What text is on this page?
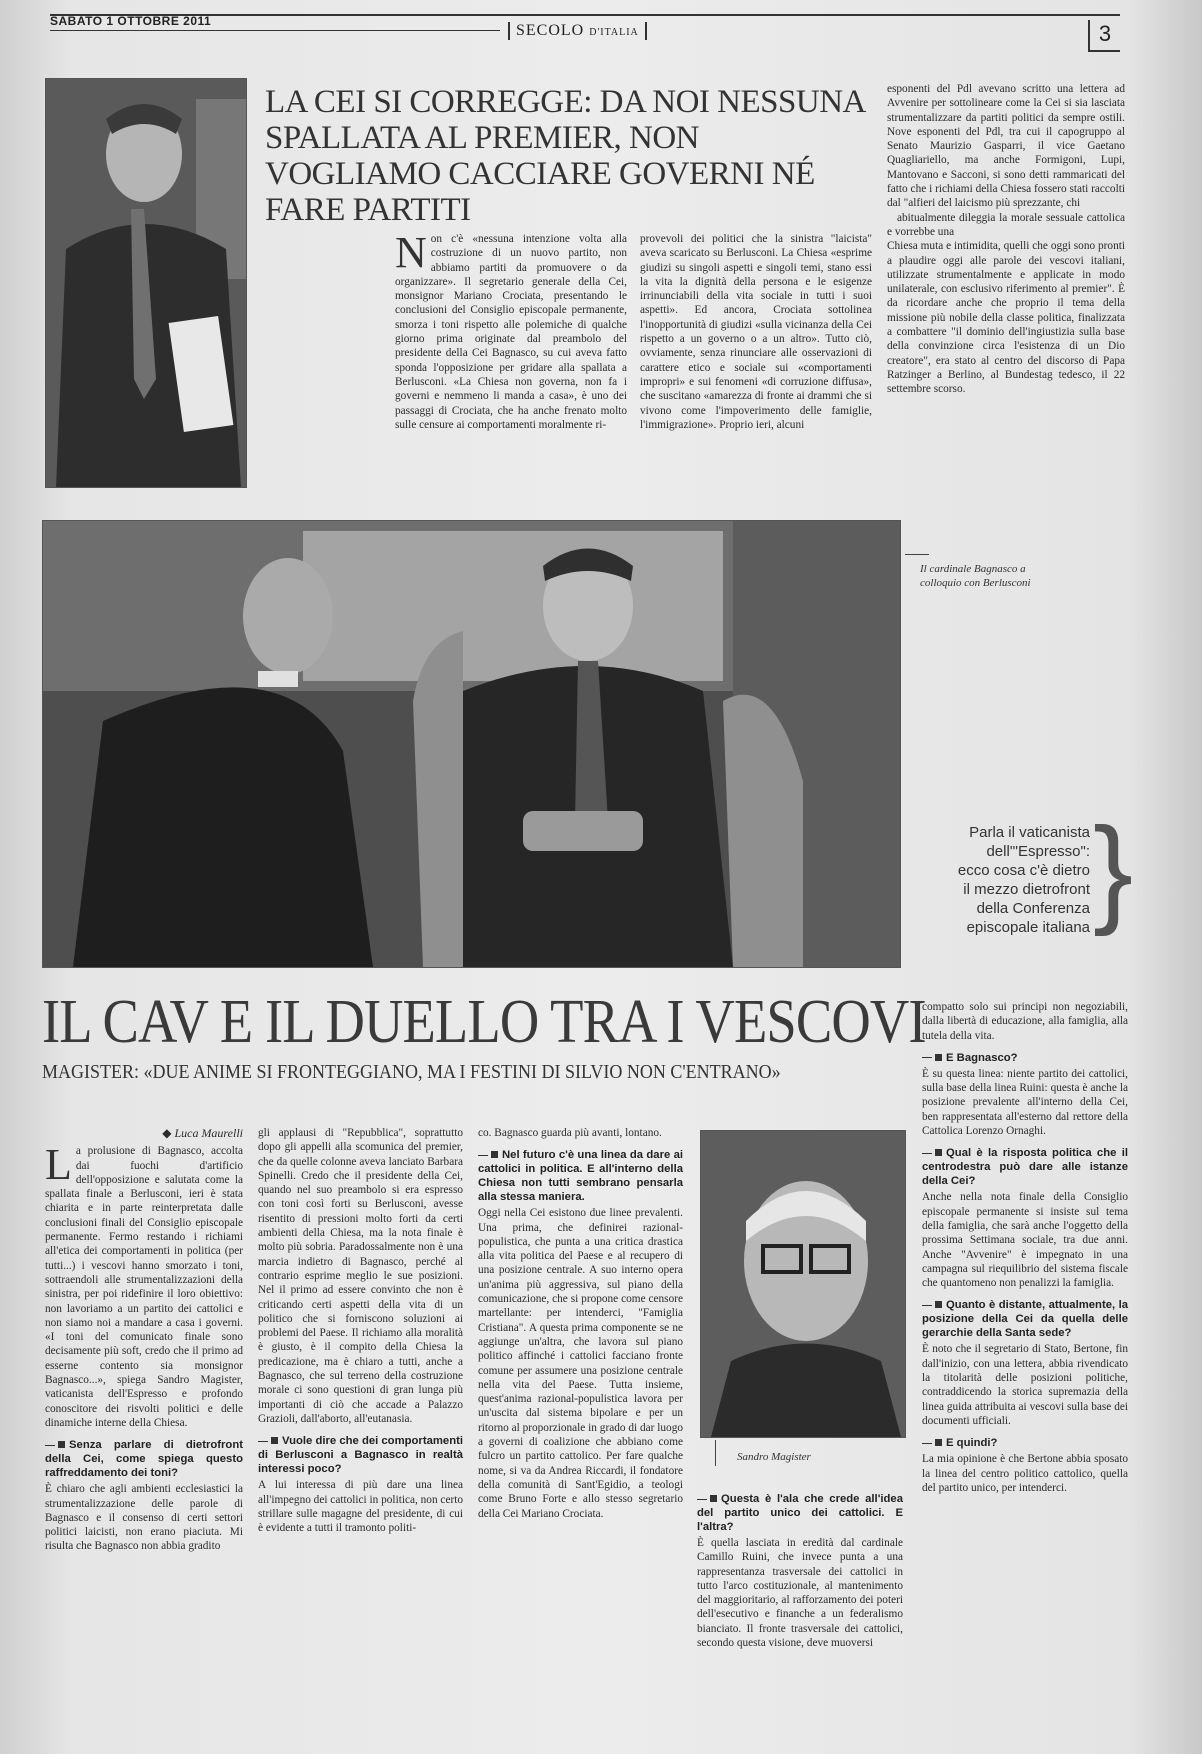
SABATO 1 OTTOBRE 2011
SECOLO D'ITALIA	3
LA CEI SI CORREGGE: DA NOI NESSUNA SPALLATA AL PREMIER, NON VOGLIAMO CACCIARE GOVERNI NÉ FARE PARTITI
Non c'è «nessuna intenzione volta alla costruzione di un nuovo partito, non abbiamo partiti da promuovere o da organizzare». Il segretario generale della Cei, monsignor Mariano Crociata, presentando le conclusioni del Consiglio episcopale permanente, smorza i toni rispetto alle polemiche di qualche giorno prima originate dal preambolo del presidente della Cei Bagnasco, su cui aveva fatto sponda l'opposizione per gridare alla spallata a Berlusconi. «La Chiesa non governa, non fa i governi e nemmeno li manda a casa», è uno dei passaggi di Crociata, che ha anche frenato molto sulle censure ai comportamenti moralmente ri-

provevoli dei politici che la sinistra "laicista" aveva scaricato su Berlusconi. La Chiesa «esprime giudizi su singoli aspetti e singoli temi, stano essi la vita la dignità della persona e le esigenze irrinunciabili della vita sociale in tutti i suoi aspetti». Ed ancora, Crociata sottolinea l'inopportunità di giudizi «sulla vicinanza della Cei rispetto a un governo o a un altro». Tutto ciò, ovviamente, senza rinunciare alle osservazioni di carattere etico e sociale sui «comportamenti impropri» e sui fenomeni «di corruzione diffusa», che suscitano «amarezza di fronte ai drammi che si vivono come l'impoverimento delle famiglie, l'immigrazione». Proprio ieri, alcuni

esponenti del Pdl avevano scritto una lettera ad Avvenire per sottolineare come la Cei si sia lasciata strumentalizzare da partiti politici da sempre ostili. Nove esponenti del Pdl, tra cui il capogruppo al Senato Maurizio Gasparri, il vice Gaetano Quagliariello, ma anche Formigoni, Lupi, Mantovano e Sacconi, si sono detti rammaricati del fatto che i richiami della Chiesa fossero stati raccolti dal "alfieri del laicismo più sprezzante, chi

abitualmente dileggia la morale sessuale cattolica e vorrebbe una

Chiesa muta e intimidita, quelli che oggi sono pronti a plaudire oggi alle parole dei vescovi italiani, utilizzate strumentalmente e applicate in modo unilaterale, con esclusivo riferimento al premier". È da ricordare anche che proprio il tema della missione più nobile della classe politica, finalizzata a combattere "il dominio dell'ingiustizia sulla base della convinzione circa l'esistenza di un Dio creatore", era stato al centro del discorso di Papa Ratzinger a Berlino, al Bundestag tedesco, il 22 settembre scorso.

Il cardinale Bagnasco a colloquio con Berlusconi
Parla il vaticanista
dell'"Espresso":
ecco cosa c'è dietro
il mezzo dietrofront
della Conferenza
episcopale italiana }
IL CAV E IL DUELLO TRA I VESCOVI
MAGISTER: «DUE ANIME SI FRONTEGGIANO, MA I FESTINI DI SILVIO NON C'ENTRANO»
◆ Luca Maurelli
La prolusione di Bagnasco, accolta dai fuochi d'artificio dell'opposizione e salutata come la spallata finale a Berlusconi, ieri è stata chiarita e in parte reinterpretata dalle conclusioni finali del Consiglio episcopale permanente. Fermo restando i richiami all'etica dei comportamenti in politica (per tutti...) i vescovi hanno smorzato i toni, sottraendoli alle strumentalizzazioni della sinistra, per poi ridefinire il loro obiettivo: non lavoriamo a un partito dei cattolici e non siamo noi a mandare a casa i governi. «I toni del comunicato finale sono decisamente più soft, credo che il primo ad esserne contento sia monsignor Bagnasco...», spiega Sandro Magister, vaticanista dell'Espresso e profondo conoscitore dei risvolti politici e delle dinamiche interne della Chiesa.
Senza parlare di dietrofront della Cei, come spiega questo raffreddamento dei toni?

È chiaro che agli ambienti ecclesiastici la strumentalizzazione delle parole di Bagnasco e il consenso di certi settori politici laicisti, non erano piaciuta. Mi risulta che Bagnasco non abbia gradito

gli applausi di "Repubblica", soprattutto dopo gli appelli alla scomunica del premier, che da quelle colonne aveva lanciato Barbara Spinelli. Credo che il presidente della Cei, quando nel suo preambolo si era espresso con toni così forti su Berlusconi, avesse risentito di pressioni molto forti da certi ambienti della Chiesa, ma la nota finale è molto più sobria. Paradossalmente non è una marcia indietro di Bagnasco, perché al contrario esprime meglio le sue posizioni. Nel il primo ad essere convinto che non è criticando certi aspetti della vita di un politico che si forniscono soluzioni ai problemi del Paese. Il richiamo alla moralità è giusto, è il compito della Chiesa la predicazione, ma è chiaro a tutti, anche a Bagnasco, che sul terreno della costruzione morale ci sono questioni di gran lunga più importanti di ciò che accade a Palazzo Grazioli, dall'aborto, all'eutanasia.

Vuole dire che dei comportamenti di Berlusconi a Bagnasco in realtà interessi poco?

A lui interessa di più dare una linea all'impegno dei cattolici in politica, non certo strillare sulle magagne del presidente, di cui è evidente a tutti il tramonto politi-

co. Bagnasco guarda più avanti, lontano.

Nel futuro c'è una linea da dare ai cattolici in politica. E all'interno della Chiesa non tutti sembrano pensarla alla stessa maniera.

Oggi nella Cei esistono due linee prevalenti. Una prima, che definirei razional-populistica, che punta a una critica drastica alla vita politica del Paese e al recupero di una posizione centrale. A suo interno opera un'anima più aggressiva, sul piano della comunicazione, che si propone come censore martellante: per intenderci, "Famiglia Cristiana". A questa prima componente se ne aggiunge un'altra, che lavora sul piano politico affinché i cattolici facciano fronte comune per assumere una posizione centrale nella vita del Paese. Tutta insieme, quest'anima razional-populistica lavora per un'uscita dal sistema bipolare e per un ritorno al proporzionale in grado di dar luogo a governi di coalizione che abbiano come fulcro un partito cattolico. Per fare qualche nome, si va da Andrea Riccardi, il fondatore della comunità di Sant'Egidio, a teologi come Bruno Forte e allo stesso segretario della Cei Mariano Crociata.

Sandro Magister
Questa è l'ala che crede all'idea del partito unico dei cattolici. E l'altra?

È quella lasciata in eredità dal cardinale Camillo Ruini, che invece punta a una rappresentanza trasversale dei cattolici in tutto l'arco costituzionale, al mantenimento del maggioritario, al rafforzamento dei poteri dell'esecutivo e finanche a un federalismo bianciato. Il fronte trasversale dei cattolici, secondo questa visione, deve muoversi

compatto solo sui principi non negoziabili, dalla libertà di educazione, alla famiglia, alla tutela della vita.

E Bagnasco?

È su questa linea: niente partito dei cattolici, sulla base della linea Ruini: questa è anche la posizione prevalente all'interno della Cei, ben rappresentata all'esterno dal rettore della Cattolica Lorenzo Ornaghi.

Qual è la risposta politica che il centrodestra può dare alle istanze della Cei?

Anche nella nota finale della Consiglio episcopale permanente si insiste sul tema della famiglia, che sarà anche l'oggetto della prossima Settimana sociale, tra due anni. Anche "Avvenire" è impegnato in una campagna sul riequilibrio del sistema fiscale che quantomeno non penalizzi la famiglia.

Quanto è distante, attualmente, la posizione della Cei da quella delle gerarchie della Santa sede?

È noto che il segretario di Stato, Bertone, fin dall'inizio, con una lettera, abbia rivendicato la titolarità delle posizioni politiche, contraddicendo la storica supremazia della linea guida attribuita ai vescovi sulla base dei documenti ufficiali.

E quindi?

La mia opinione è che Bertone abbia sposato la linea del centro politico cattolico, quella del partito unico, per intenderci.
